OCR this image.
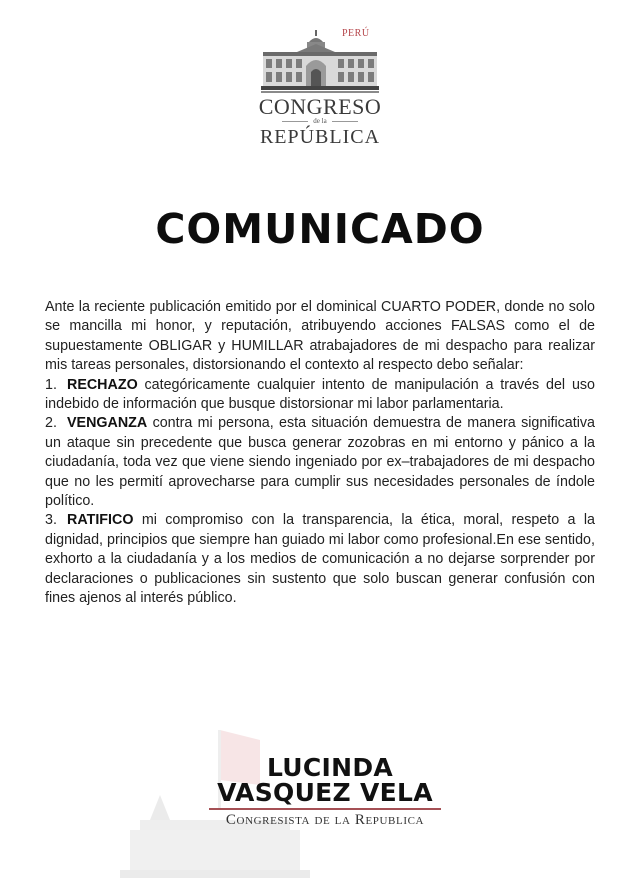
PERÚ
CONGRESO
de la
REPÚBLICA
COMUNICADO

Ante la reciente publicación emitido por el dominical CUARTO PODER, donde no solo se mancilla mi honor, y reputación, atribuyendo acciones FALSAS como el de supuestamente OBLIGAR y HUMILLAR atrabajadores de mi despacho para realizar mis tareas personales, distorsionando el contexto al respecto debo señalar:

1. RECHAZO categóricamente cualquier intento de manipulación a través del uso indebido de información que busque distorsionar mi labor parlamentaria.

2. VENGANZA contra mi persona, esta situación demuestra de manera significativa un ataque sin precedente que busca generar zozobras en mi entorno y pánico a la ciudadanía, toda vez que viene siendo ingeniado por ex–trabajadores de mi despacho que no les permití aprovecharse para cumplir sus necesidades personales de índole político.

3. RATIFICO mi compromiso con la transparencia, la ética, moral, respeto a la dignidad, principios que siempre han guiado mi labor como profesional.En ese sentido, exhorto a la ciudadanía y a los medios de comunicación a no dejarse sorprender por declaraciones o publicaciones sin sustento que solo buscan generar confusión con fines ajenos al interés público.

LUCINDA
VASQUEZ VELA
Congresista de la Republica
